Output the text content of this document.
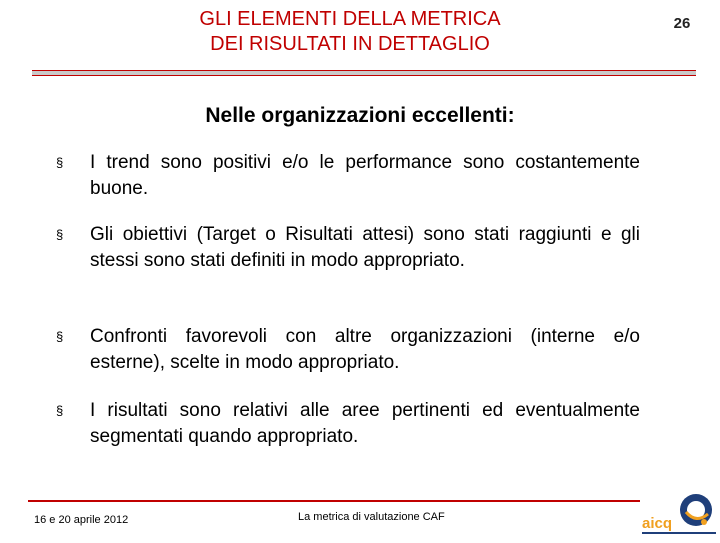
GLI ELEMENTI DELLA METRICA
DEI RISULTATI IN DETTAGLIO
26
Nelle organizzazioni eccellenti:
§	I trend sono positivi e/o le performance sono costantemente buone.
§	Gli obiettivi (Target o Risultati attesi) sono stati raggiunti e gli stessi sono stati definiti in modo appropriato.
§	Confronti favorevoli con altre organizzazioni (interne e/o esterne), scelte in modo appropriato.
§	I risultati sono relativi alle aree pertinenti ed eventualmente segmentati quando appropriato.
16 e 20 aprile 2012	La metrica di valutazione CAF	aicq
